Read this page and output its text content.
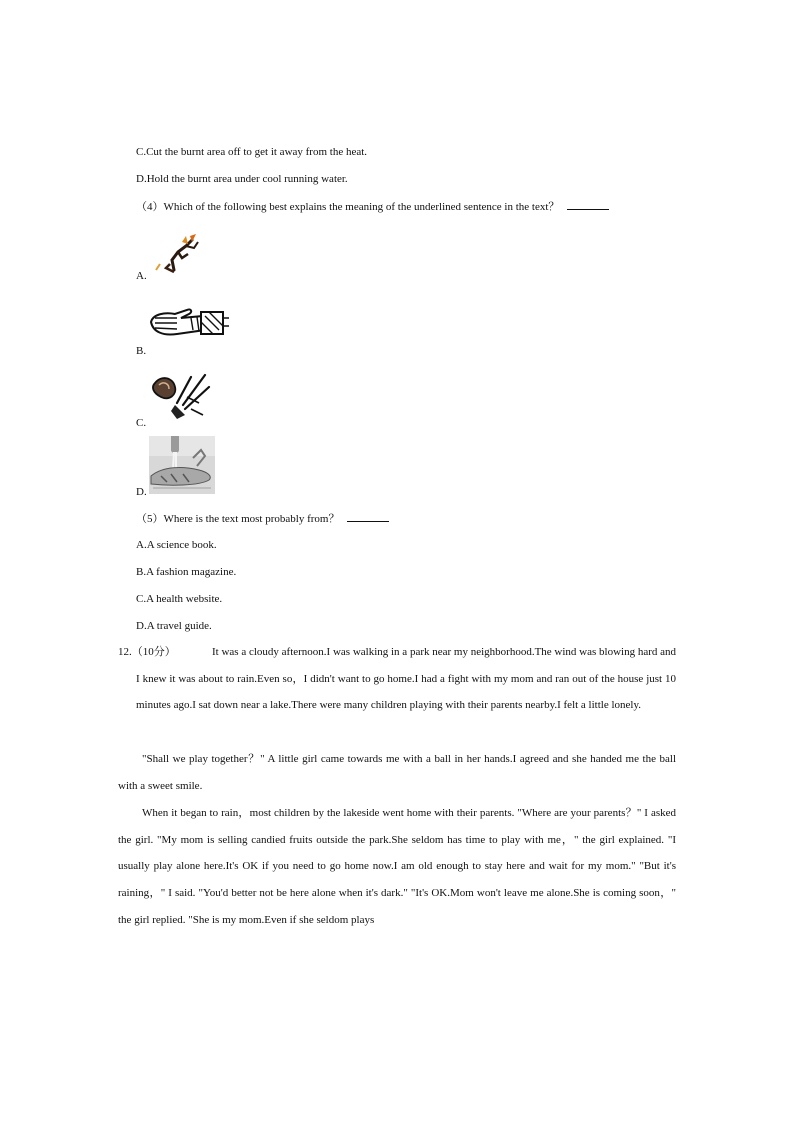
C.Cut the burnt area off to get it away from the heat.
D.Hold the burnt area under cool running water.
（4）Which of the following best explains the meaning of the underlined sentence in the text？
A.
B.
C.
D.
（5）Where is the text most probably from？
A.A science book.
B.A fashion magazine.
C.A health website.
D.A travel guide.
12.（10分）	It was a cloudy afternoon.I was walking in a park near my neighborhood.The wind was blowing hard and I knew it was about to rain.Even so，I didn't want to go home.I had a fight with my mom and ran out of the house just 10 minutes ago.I sat down near a lake.There were many children playing with their parents nearby.I felt a little lonely.
"Shall we play together？" A little girl came towards me with a ball in her hands.I agreed and she handed me the ball with a sweet smile.
When it began to rain，most children by the lakeside went home with their parents. "Where are your parents？" I asked the girl. "My mom is selling candied fruits outside the park.She seldom has time to play with me，" the girl explained. "I usually play alone here.It's OK if you need to go home now.I am old enough to stay here and wait for my mom." "But it's raining，" I said. "You'd better not be here alone when it's dark." "It's OK.Mom won't leave me alone.She is coming soon，" the girl replied. "She is my mom.Even if she seldom plays
